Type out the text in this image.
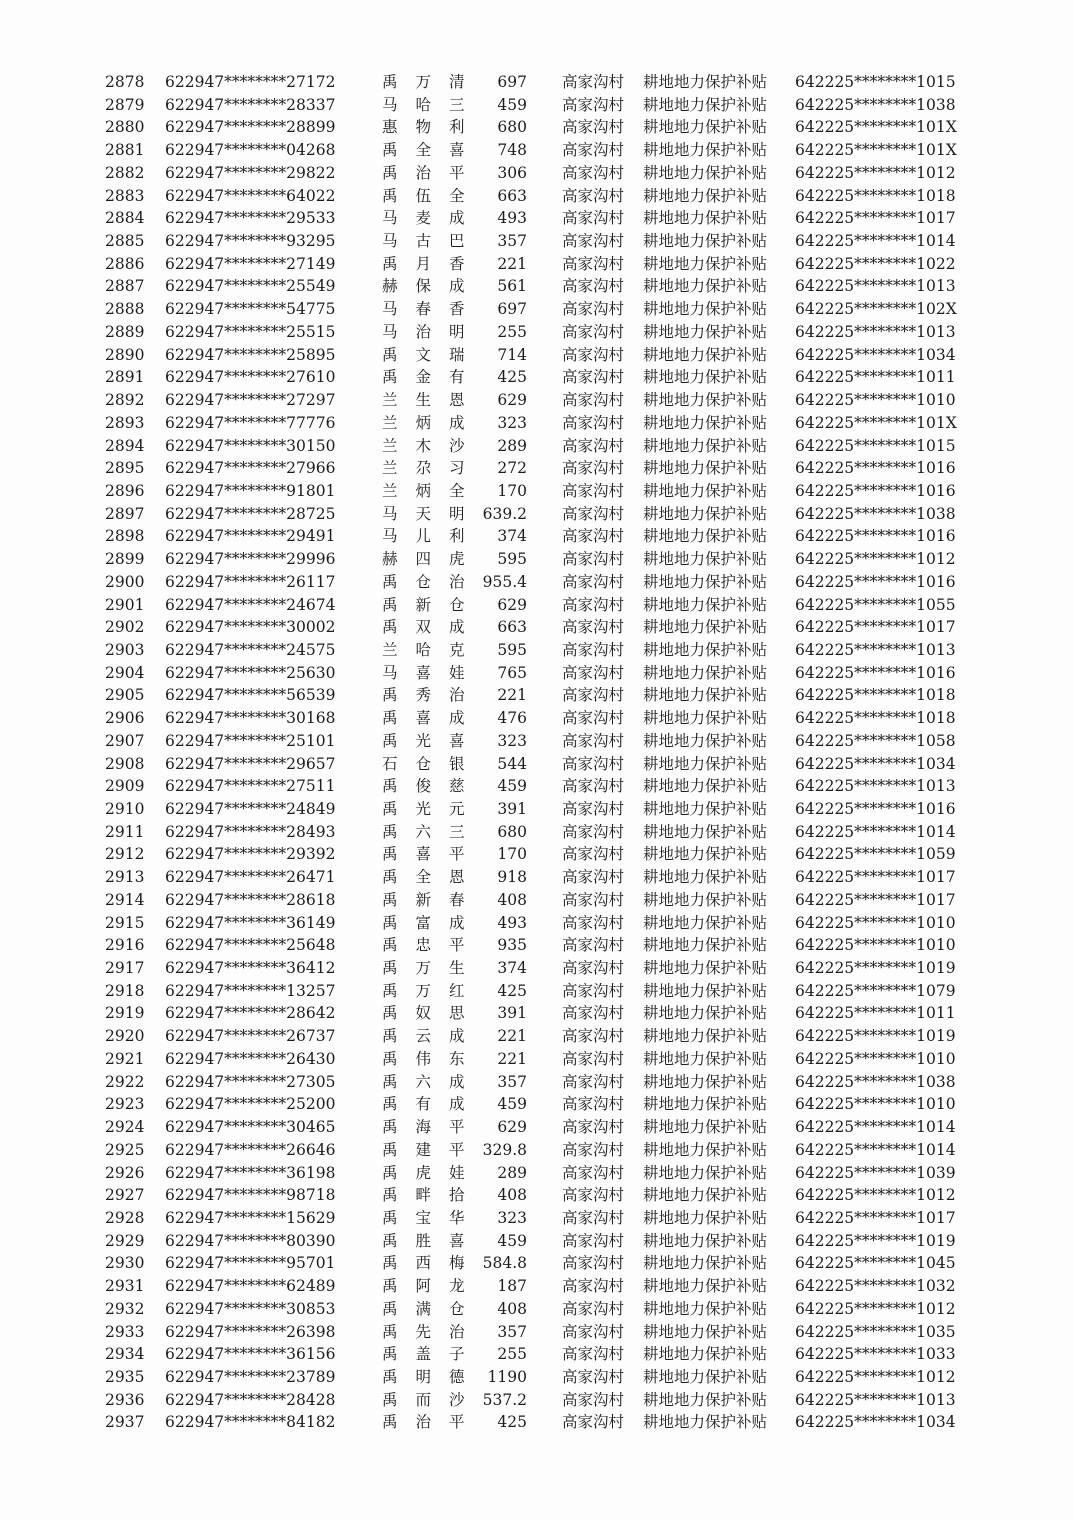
2878 622947********27172	禹万清 697 高家沟村 耕地地力保护补贴 642225********1015
2879 622947********28337	马哈三 459 高家沟村 耕地地力保护补贴 642225********1038
2880 622947********28899	惠物利 680 高家沟村 耕地地力保护补贴 642225********101X
2881 622947********04268	禹全喜 748 高家沟村 耕地地力保护补贴 642225********101X
2882 622947********29822	禹治平 306 高家沟村 耕地地力保护补贴 642225********1012
2883 622947********64022	禹伍全 663 高家沟村 耕地地力保护补贴 642225********1018
2884 622947********29533	马麦成 493 高家沟村 耕地地力保护补贴 642225********1017
2885 622947********93295	马古巴 357 高家沟村 耕地地力保护补贴 642225********1014
2886 622947********27149	禹月香 221 高家沟村 耕地地力保护补贴 642225********1022
2887 622947********25549	赫保成 561 高家沟村 耕地地力保护补贴 642225********1013
2888 622947********54775	马春香 697 高家沟村 耕地地力保护补贴 642225********102X
2889 622947********25515	马治明 255 高家沟村 耕地地力保护补贴 642225********1013
2890 622947********25895	禹文瑞 714 高家沟村 耕地地力保护补贴 642225********1034
2891 622947********27610	禹金有 425 高家沟村 耕地地力保护补贴 642225********1011
2892 622947********27297	兰生恩 629 高家沟村 耕地地力保护补贴 642225********1010
2893 622947********77776	兰炳成 323 高家沟村 耕地地力保护补贴 642225********101X
2894 622947********30150	兰木沙 289 高家沟村 耕地地力保护补贴 642225********1015
2895 622947********27966	兰尕习 272 高家沟村 耕地地力保护补贴 642225********1016
2896 622947********91801	兰炳全 170 高家沟村 耕地地力保护补贴 642225********1016
2897 622947********28725	马天明 639.2 高家沟村 耕地地力保护补贴 642225********1038
2898 622947********29491	马儿利 374 高家沟村 耕地地力保护补贴 642225********1016
2899 622947********29996	赫四虎 595 高家沟村 耕地地力保护补贴 642225********1012
2900 622947********26117	禹仓治 955.4 高家沟村 耕地地力保护补贴 642225********1016
2901 622947********24674	禹新仓 629 高家沟村 耕地地力保护补贴 642225********1055
2902 622947********30002	禹双成 663 高家沟村 耕地地力保护补贴 642225********1017
2903 622947********24575	兰哈克 595 高家沟村 耕地地力保护补贴 642225********1013
2904 622947********25630	马喜娃 765 高家沟村 耕地地力保护补贴 642225********1016
2905 622947********56539	禹秀治 221 高家沟村 耕地地力保护补贴 642225********1018
2906 622947********30168	禹喜成 476 高家沟村 耕地地力保护补贴 642225********1018
2907 622947********25101	禹光喜 323 高家沟村 耕地地力保护补贴 642225********1058
2908 622947********29657	石仓银 544 高家沟村 耕地地力保护补贴 642225********1034
2909 622947********27511	禹俊慈 459 高家沟村 耕地地力保护补贴 642225********1013
2910 622947********24849	禹光元 391 高家沟村 耕地地力保护补贴 642225********1016
2911 622947********28493	禹六三 680 高家沟村 耕地地力保护补贴 642225********1014
2912 622947********29392	禹喜平 170 高家沟村 耕地地力保护补贴 642225********1059
2913 622947********26471	禹全恩 918 高家沟村 耕地地力保护补贴 642225********1017
2914 622947********28618	禹新春 408 高家沟村 耕地地力保护补贴 642225********1017
2915 622947********36149	禹富成 493 高家沟村 耕地地力保护补贴 642225********1010
2916 622947********25648	禹忠平 935 高家沟村 耕地地力保护补贴 642225********1010
2917 622947********36412	禹万生 374 高家沟村 耕地地力保护补贴 642225********1019
2918 622947********13257	禹万红 425 高家沟村 耕地地力保护补贴 642225********1079
2919 622947********28642	禹奴思 391 高家沟村 耕地地力保护补贴 642225********1011
2920 622947********26737	禹云成 221 高家沟村 耕地地力保护补贴 642225********1019
2921 622947********26430	禹伟东 221 高家沟村 耕地地力保护补贴 642225********1010
2922 622947********27305	禹六成 357 高家沟村 耕地地力保护补贴 642225********1038
2923 622947********25200	禹有成 459 高家沟村 耕地地力保护补贴 642225********1010
2924 622947********30465	禹海平 629 高家沟村 耕地地力保护补贴 642225********1014
2925 622947********26646	禹建平 329.8 高家沟村 耕地地力保护补贴 642225********1014
2926 622947********36198	禹虎娃 289 高家沟村 耕地地力保护补贴 642225********1039
2927 622947********98718	禹畔拾 408 高家沟村 耕地地力保护补贴 642225********1012
2928 622947********15629	禹宝华 323 高家沟村 耕地地力保护补贴 642225********1017
2929 622947********80390	禹胜喜 459 高家沟村 耕地地力保护补贴 642225********1019
2930 622947********95701	禹西梅 584.8 高家沟村 耕地地力保护补贴 642225********1045
2931 622947********62489	禹阿龙 187 高家沟村 耕地地力保护补贴 642225********1032
2932 622947********30853	禹满仓 408 高家沟村 耕地地力保护补贴 642225********1012
2933 622947********26398	禹先治 357 高家沟村 耕地地力保护补贴 642225********1035
2934 622947********36156	禹盖子 255 高家沟村 耕地地力保护补贴 642225********1033
2935 622947********23789	禹明德 1190 高家沟村 耕地地力保护补贴 642225********1012
2936 622947********28428	禹而沙 537.2 高家沟村 耕地地力保护补贴 642225********1013
2937 622947********84182	禹治平 425 高家沟村 耕地地力保护补贴 642225********1034
